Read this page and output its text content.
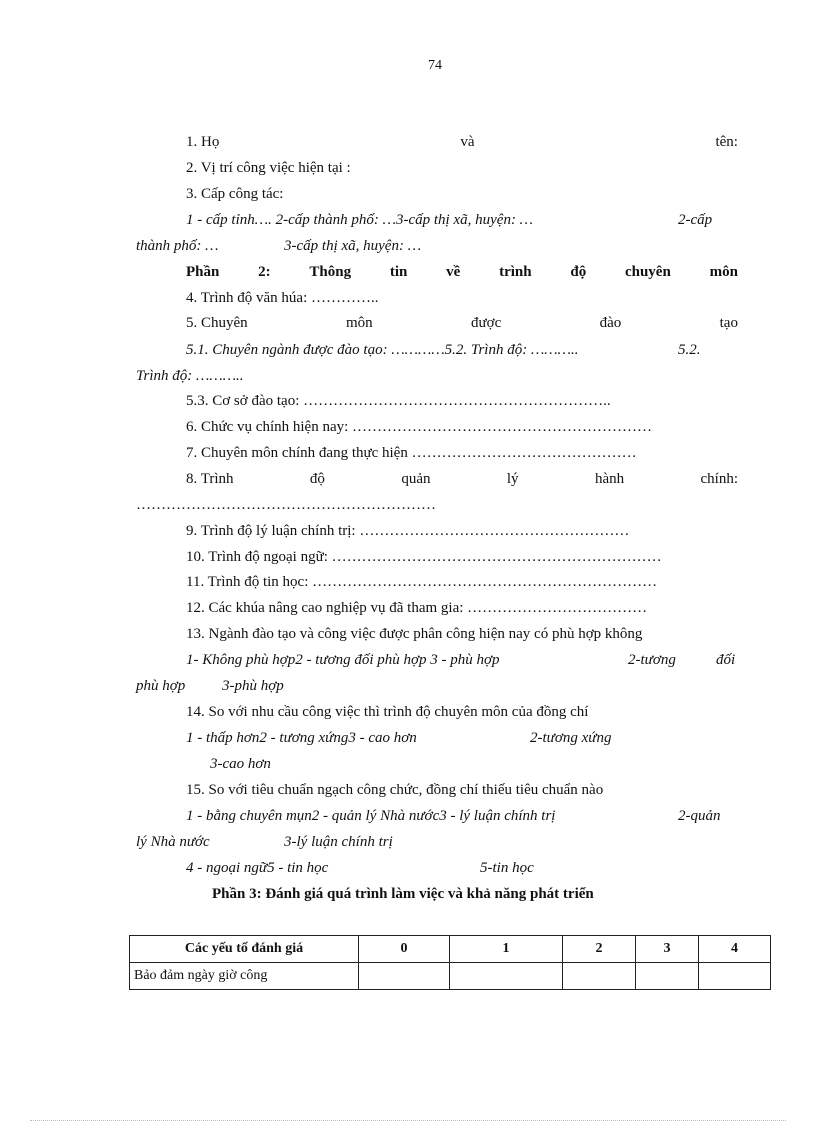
74
1. Họ	và	tên:
2. Vị trí công việc hiện tại :
3. Cấp công tác:
1 - cấp tỉnh…. 2-cấp thành phố: …3-cấp thị xã, huyện: …	2-cấp
thành phố: …	3-cấp thị xã, huyện: …
Phần	2:	Thông	tin	về	trình	độ	chuyên	môn
4. Trình độ văn húa: …………..
5. Chuyên	môn	được	đào	tạo
5.1. Chuyên ngành được đào tạo: …………5.2. Trình độ: ………..	5.2.
Trình độ: ………..
5.3. Cơ sở đào tạo: ……………………………………………………..
6. Chức vụ chính hiện nay: ……………………………………………………
7. Chuyên môn chính đang thực hiện ………………………………………
8. Trình	độ	quản	lý	hành	chính:
……………………………………………………
9. Trình độ lý luận chính trị: ………………………………………………
10. Trình độ ngoại ngữ: …………………………………………………………
11. Trình độ tin học: ……………………………………………………………
12. Các khúa nâng cao nghiệp vụ đã tham gia: ………………………………
13. Ngành đào tạo và công việc được phân công hiện nay có phù hợp không
1- Không phù hợp2 - tương đối phù hợp 3 - phù hợp	2-tương	đối
phù hợp 3-phù hợp
14. So với nhu cầu công việc thì trình độ chuyên môn của đồng chí
1 - thấp hơn2 - tương xứng3 - cao hơn	2-tương xứng
3-cao hơn
15. So với tiêu chuẩn ngạch công chức, đồng chí thiếu tiêu chuẩn nào
1 - bằng chuyên mụn2 - quản lý Nhà nước3 - lý luận chính trị	2-quản
lý Nhà nước	3-lý luận chính trị
4 - ngoại ngữ5 - tin học	5-tin học
Phần 3: Đánh giá quá trình làm việc và khả năng phát triển
Các yếu tố đánh giá	0	1	2	3	4
Bảo đảm ngày giờ công					
